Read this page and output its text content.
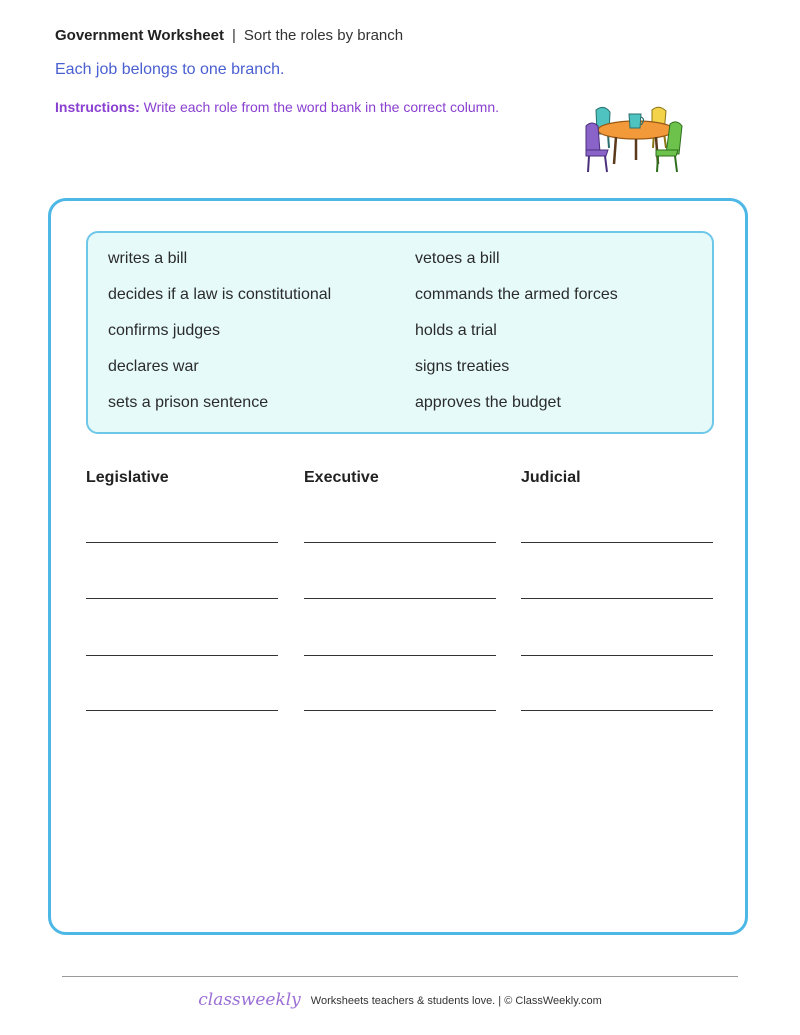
Government Worksheet | Sort the roles by branch
Each job belongs to one branch.
Instructions: Write each role from the word bank in the correct column.
writes a bill	vetoes a bill
decides if a law is constitutional	commands the armed forces
confirms judges	holds a trial
declares war	signs treaties
sets a prison sentence	approves the budget
Legislative	Executive	Judicial
classweekly Worksheets teachers & students love. | © ClassWeekly.com
